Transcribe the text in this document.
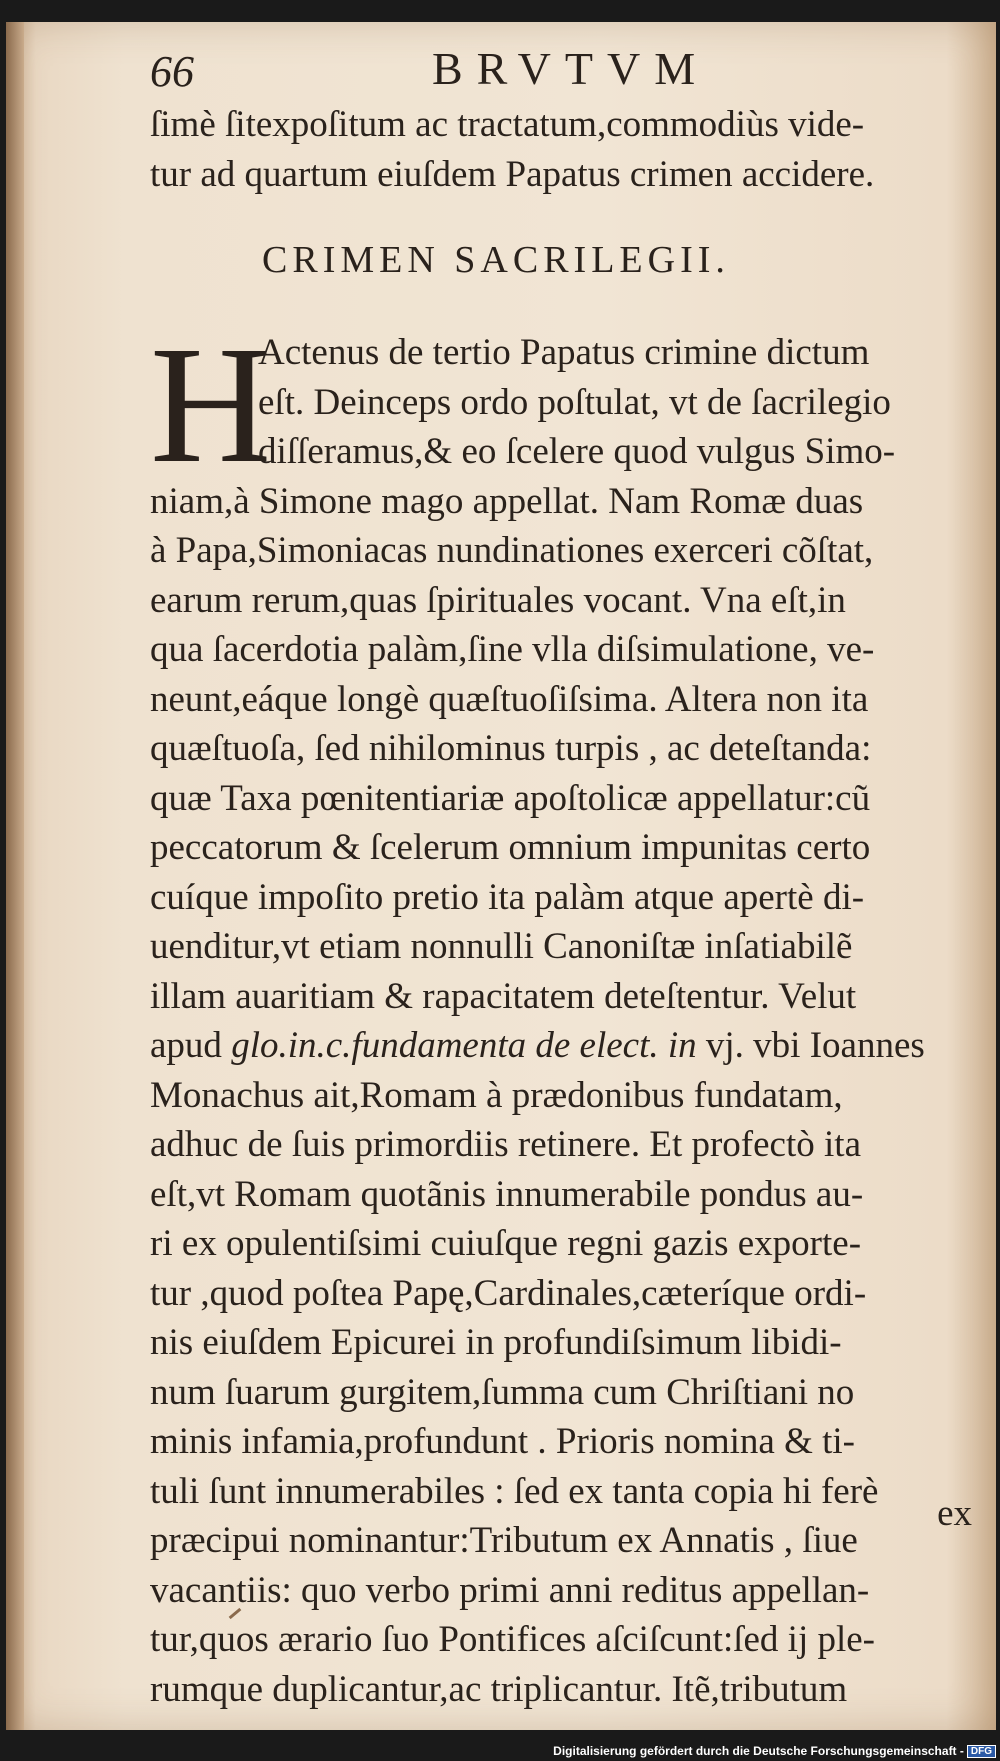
66	BRVTVM
ſimè ſitexpoſitum ac tractatum,commodiùs vide-
tur ad quartum eiuſdem Papatus crimen accidere.
CRIMEN SACRILEGII.
H
Actenus de tertio Papatus crimine dictum
eſt. Deinceps ordo poſtulat, vt de ſacrilegio
diſſeramus,& eo ſcelere quod vulgus Simo-
niam,à Simone mago appellat. Nam Romæ duas
à Papa,Simoniacas nundinationes exerceri cõſtat,
earum rerum,quas ſpirituales vocant. Vna eſt,in
qua ſacerdotia palàm,ſine vlla diſsimulatione, ve-
neunt,eáque longè quæſtuoſiſsima. Altera non ita
quæſtuoſa, ſed nihilominus turpis , ac deteſtanda:
quæ Taxa pœnitentiariæ apoſtolicæ appellatur:cũ
peccatorum & ſcelerum omnium impunitas certo
cuíque impoſito pretio ita palàm atque apertè di-
uenditur,vt etiam nonnulli Canoniſtæ inſatiabilẽ
illam auaritiam & rapacitatem deteſtentur. Velut
apud glo.in.c.fundamenta de elect. in vj. vbi Ioannes
Monachus ait,Romam à prædonibus fundatam,
adhuc de ſuis primordiis retinere. Et profectò ita
eſt,vt Romam quotãnis innumerabile pondus au-
ri ex opulentiſsimi cuiuſque regni gazis exporte-
tur ,quod poſtea Papę,Cardinales,cæteríque ordi-
nis eiuſdem Epicurei in profundiſsimum libidi-
num ſuarum gurgitem,ſumma cum Chriſtiani no
minis infamia,profundunt . Prioris nomina & ti-
tuli ſunt innumerabiles : ſed ex tanta copia hi ferè
præcipui nominantur:Tributum ex Annatis , ſiue
vacantiis: quo verbo primi anni reditus appellan-
tur,quos ærario ſuo Pontifices aſciſcunt:ſed ij ple-
rumque duplicantur,ac triplicantur. Itẽ,tributum
ex
Digitalisierung gefördert durch die Deutsche Forschungsgemeinschaft - DFG
